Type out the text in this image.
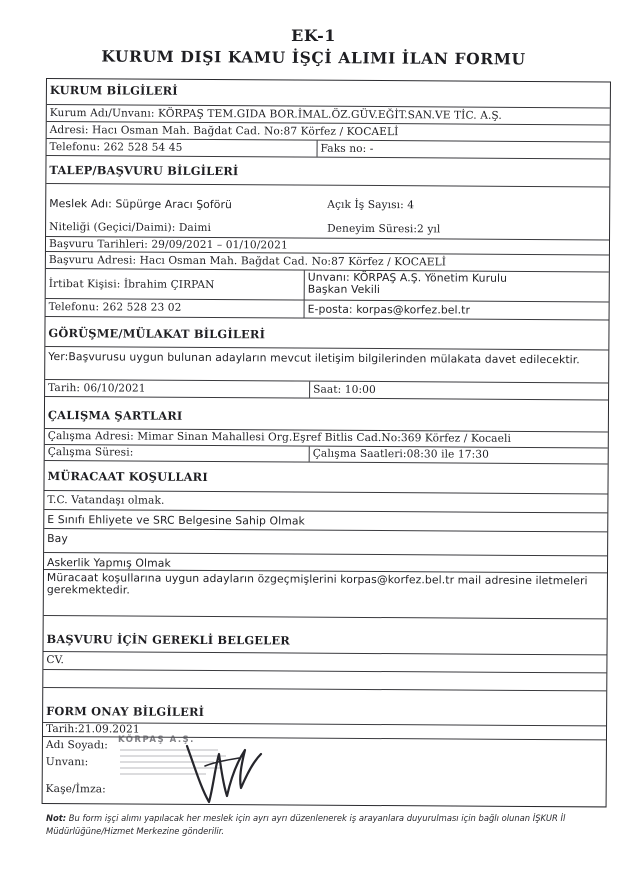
EK-1
KURUM DIŞI KAMU İŞÇİ ALIMI İLAN FORMU
KURUM BİLGİLERİ
Kurum Adı/Unvanı: KÖRPAŞ TEM.GIDA BOR.İMAL.ÖZ.GÜV.EĞİT.SAN.VE TİC. A.Ş.
Adresi: Hacı Osman Mah. Bağdat Cad. No:87 Körfez / KOCAELİ
Telefonu: 262 528 54 45	Faks no: -
TALEP/BAŞVURU BİLGİLERİ
Meslek Adı: Süpürge Aracı Şoförü	Açık İş Sayısı: 4
Niteliği (Geçici/Daimi): Daimi	Deneyim Süresi:2 yıl
Başvuru Tarihleri: 29/09/2021 – 01/10/2021
Başvuru Adresi: Hacı Osman Mah. Bağdat Cad. No:87 Körfez / KOCAELİ
İrtibat Kişisi: İbrahim ÇIRPAN	Unvanı: KÖRPAŞ A.Ş. Yönetim Kurulu
Başkan Vekili
Telefonu: 262 528 23 02	E-posta: korpas@korfez.bel.tr
GÖRÜŞME/MÜLAKAT BİLGİLERİ
Yer:Başvurusu uygun bulunan adayların mevcut iletişim bilgilerinden mülakata davet edilecektir.
Tarih: 06/10/2021	Saat: 10:00
ÇALIŞMA ŞARTLARI
Çalışma Adresi: Mimar Sinan Mahallesi Org.Eşref Bitlis Cad.No:369 Körfez / Kocaeli
Çalışma Süresi:	Çalışma Saatleri:08:30 ile 17:30
MÜRACAAT KOŞULLARI
T.C. Vatandaşı olmak.
E Sınıfı Ehliyete ve SRC Belgesine Sahip Olmak
Bay
Askerlik Yapmış Olmak
Müracaat koşullarına uygun adayların özgeçmişlerini korpas@korfez.bel.tr mail adresine iletmeleri gerekmektedir.
BAŞVURU İÇİN GEREKLİ BELGELER
CV.
FORM ONAY BİLGİLERİ
Tarih:21.09.2021
Adı Soyadı:
Unvanı:
Kaşe/İmza:
KÖRPAŞ A.Ş.
Not: Bu form işçi alımı yapılacak her meslek için ayrı ayrı düzenlenerek iş arayanlara duyurulması için bağlı olunan İŞKUR İl Müdürlüğüne/Hizmet Merkezine gönderilir.
